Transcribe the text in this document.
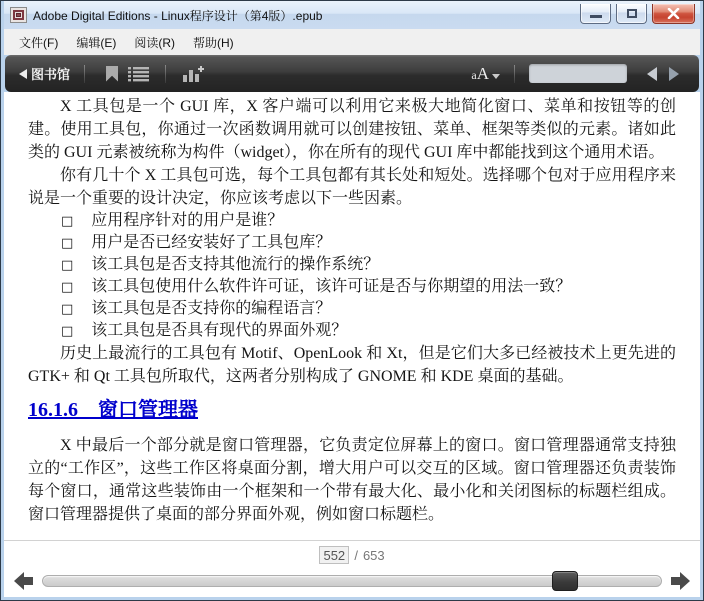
Adobe Digital Editions - Linux程序设计（第4版）.epub
文件(F)	编辑(E)	阅读(R)	帮助(H)
图书馆	a A

X 工具包是一个 GUI 库，X 客户端可以利用它来极大地简化窗口、菜单和按钮等的创建。使用工具包，你通过一次函数调用就可以创建按钮、菜单、框架等类似的元素。诸如此类的 GUI 元素被统称为构件（widget），你在所有的现代 GUI 库中都能找到这个通用术语。

你有几十个 X 工具包可选，每个工具包都有其长处和短处。选择哪个包对于应用程序来说是一个重要的设计决定，你应该考虑以下一些因素。

□ 应用程序针对的用户是谁？
□ 用户是否已经安装好了工具包库？
□ 该工具包是否支持其他流行的操作系统？
□ 该工具包使用什么软件许可证，该许可证是否与你期望的用法一致？
□ 该工具包是否支持你的编程语言？
□ 该工具包是否具有现代的界面外观？

历史上最流行的工具包有 Motif、OpenLook 和 Xt，但是它们大多已经被技术上更先进的 GTK+ 和 Qt 工具包所取代，这两者分别构成了 GNOME 和 KDE 桌面的基础。

16.1.6　窗口管理器

X 中最后一个部分就是窗口管理器，它负责定位屏幕上的窗口。窗口管理器通常支持独立的“工作区”，这些工作区将桌面分割，增大用户可以交互的区域。窗口管理器还负责装饰每个窗口，通常这些装饰由一个框架和一个带有最大化、最小化和关闭图标的标题栏组成。窗口管理器提供了桌面的部分界面外观，例如窗口标题栏。

552
/ 653
